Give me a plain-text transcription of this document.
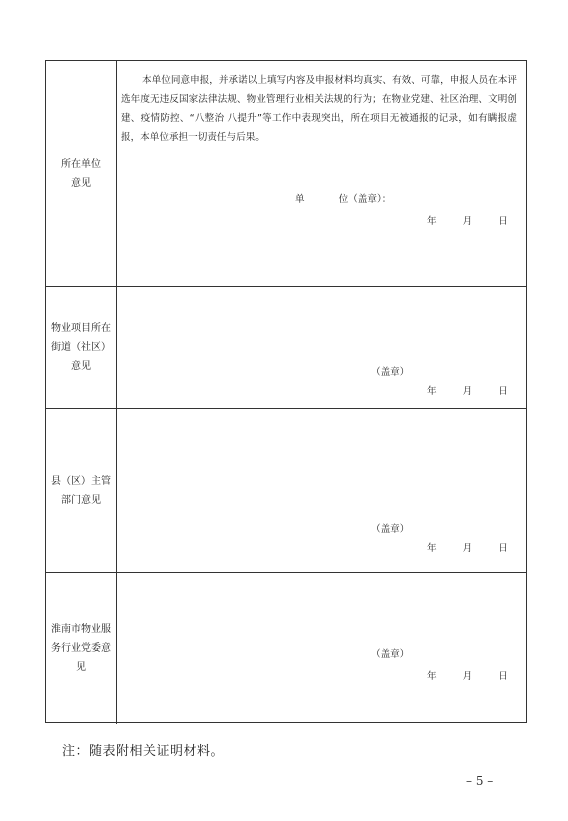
所在单位
意见

本单位同意申报，并承诺以上填写内容及申报材料均真实、有效、可靠，申报人员在本评选年度无违反国家法律法规、物业管理行业相关法规的行为；在物业党建、社区治理、文明创建、疫情防控、“八整治 八提升”等工作中表现突出，所在项目无被通报的记录，如有瞒报虚报，本单位承担一切责任与后果。

单	位（盖章）：
年	月	日
物业项目所在街道（社区）意见
（盖章）
年	月	日
县（区）主管部门意见
（盖章）
年	月	日
淮南市物业服务行业党委意见
（盖章）
年	月	日
注：随表附相关证明材料。
– 5 –
